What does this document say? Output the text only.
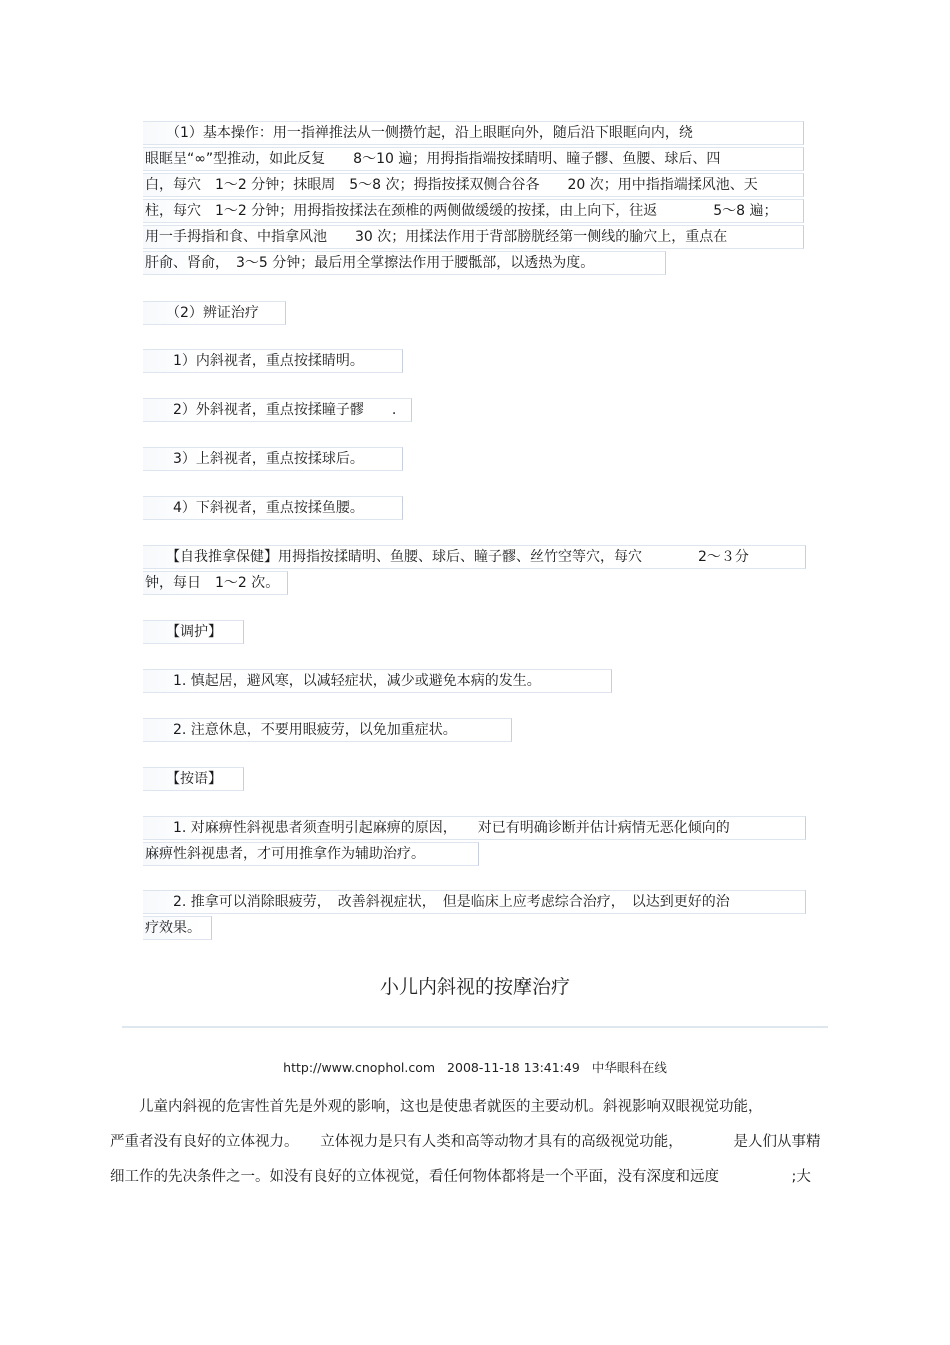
　　（1）基本操作：用一指禅推法从一侧攒竹起，沿上眼眶向外，随后沿下眼眶向内，绕
眼眶呈“∞”型推动，如此反复　　8～10 遍；用拇指指端按揉睛明、瞳子髎、鱼腰、球后、四
白，每穴　1～2 分钟；抹眼周　5～8 次；拇指按揉双侧合谷各　　20 次；用中指指端揉风池、天
柱，每穴　1～2 分钟；用拇指按揉法在颈椎的两侧做缓缓的按揉，由上向下，往返　　　　5～8 遍；
用一手拇指和食、中指拿风池　　30 次；用揉法作用于背部膀胱经第一侧线的腧穴上，重点在
肝俞、肾俞，　3～5 分钟；最后用全掌擦法作用于腰骶部，以透热为度。
　　（2）辨证治疗
　　1）内斜视者，重点按揉睛明。
　　2）外斜视者，重点按揉瞳子髎　　.
　　3）上斜视者，重点按揉球后。
　　4）下斜视者，重点按揉鱼腰。
　　【自我推拿保健】用拇指按揉睛明、鱼腰、球后、瞳子髎、丝竹空等穴，每穴　　　　2～３分
钟，每日　1～2 次。
　　【调护】
　　1. 慎起居，避风寒，以减轻症状，减少或避免本病的发生。
　　2. 注意休息，不要用眼疲劳，以免加重症状。
　　【按语】
　　1. 对麻痹性斜视患者须查明引起麻痹的原因，　　对已有明确诊断并估计病情无恶化倾向的
麻痹性斜视患者，才可用推拿作为辅助治疗。
　　2. 推拿可以消除眼疲劳，　改善斜视症状，　但是临床上应考虑综合治疗，　以达到更好的治
疗效果。
小儿内斜视的按摩治疗
http://www.cnophol.com 2008-11-18 13:41:49 中华眼科在线
　　儿童内斜视的危害性首先是外观的影响，这也是使患者就医的主要动机。斜视影响双眼视觉功能，
严重者没有良好的立体视力。　　立体视力是只有人类和高等动物才具有的高级视觉功能，　　　　是人们从事精
细工作的先决条件之一。如没有良好的立体视觉，看任何物体都将是一个平面，没有深度和远度　　　　　;大
